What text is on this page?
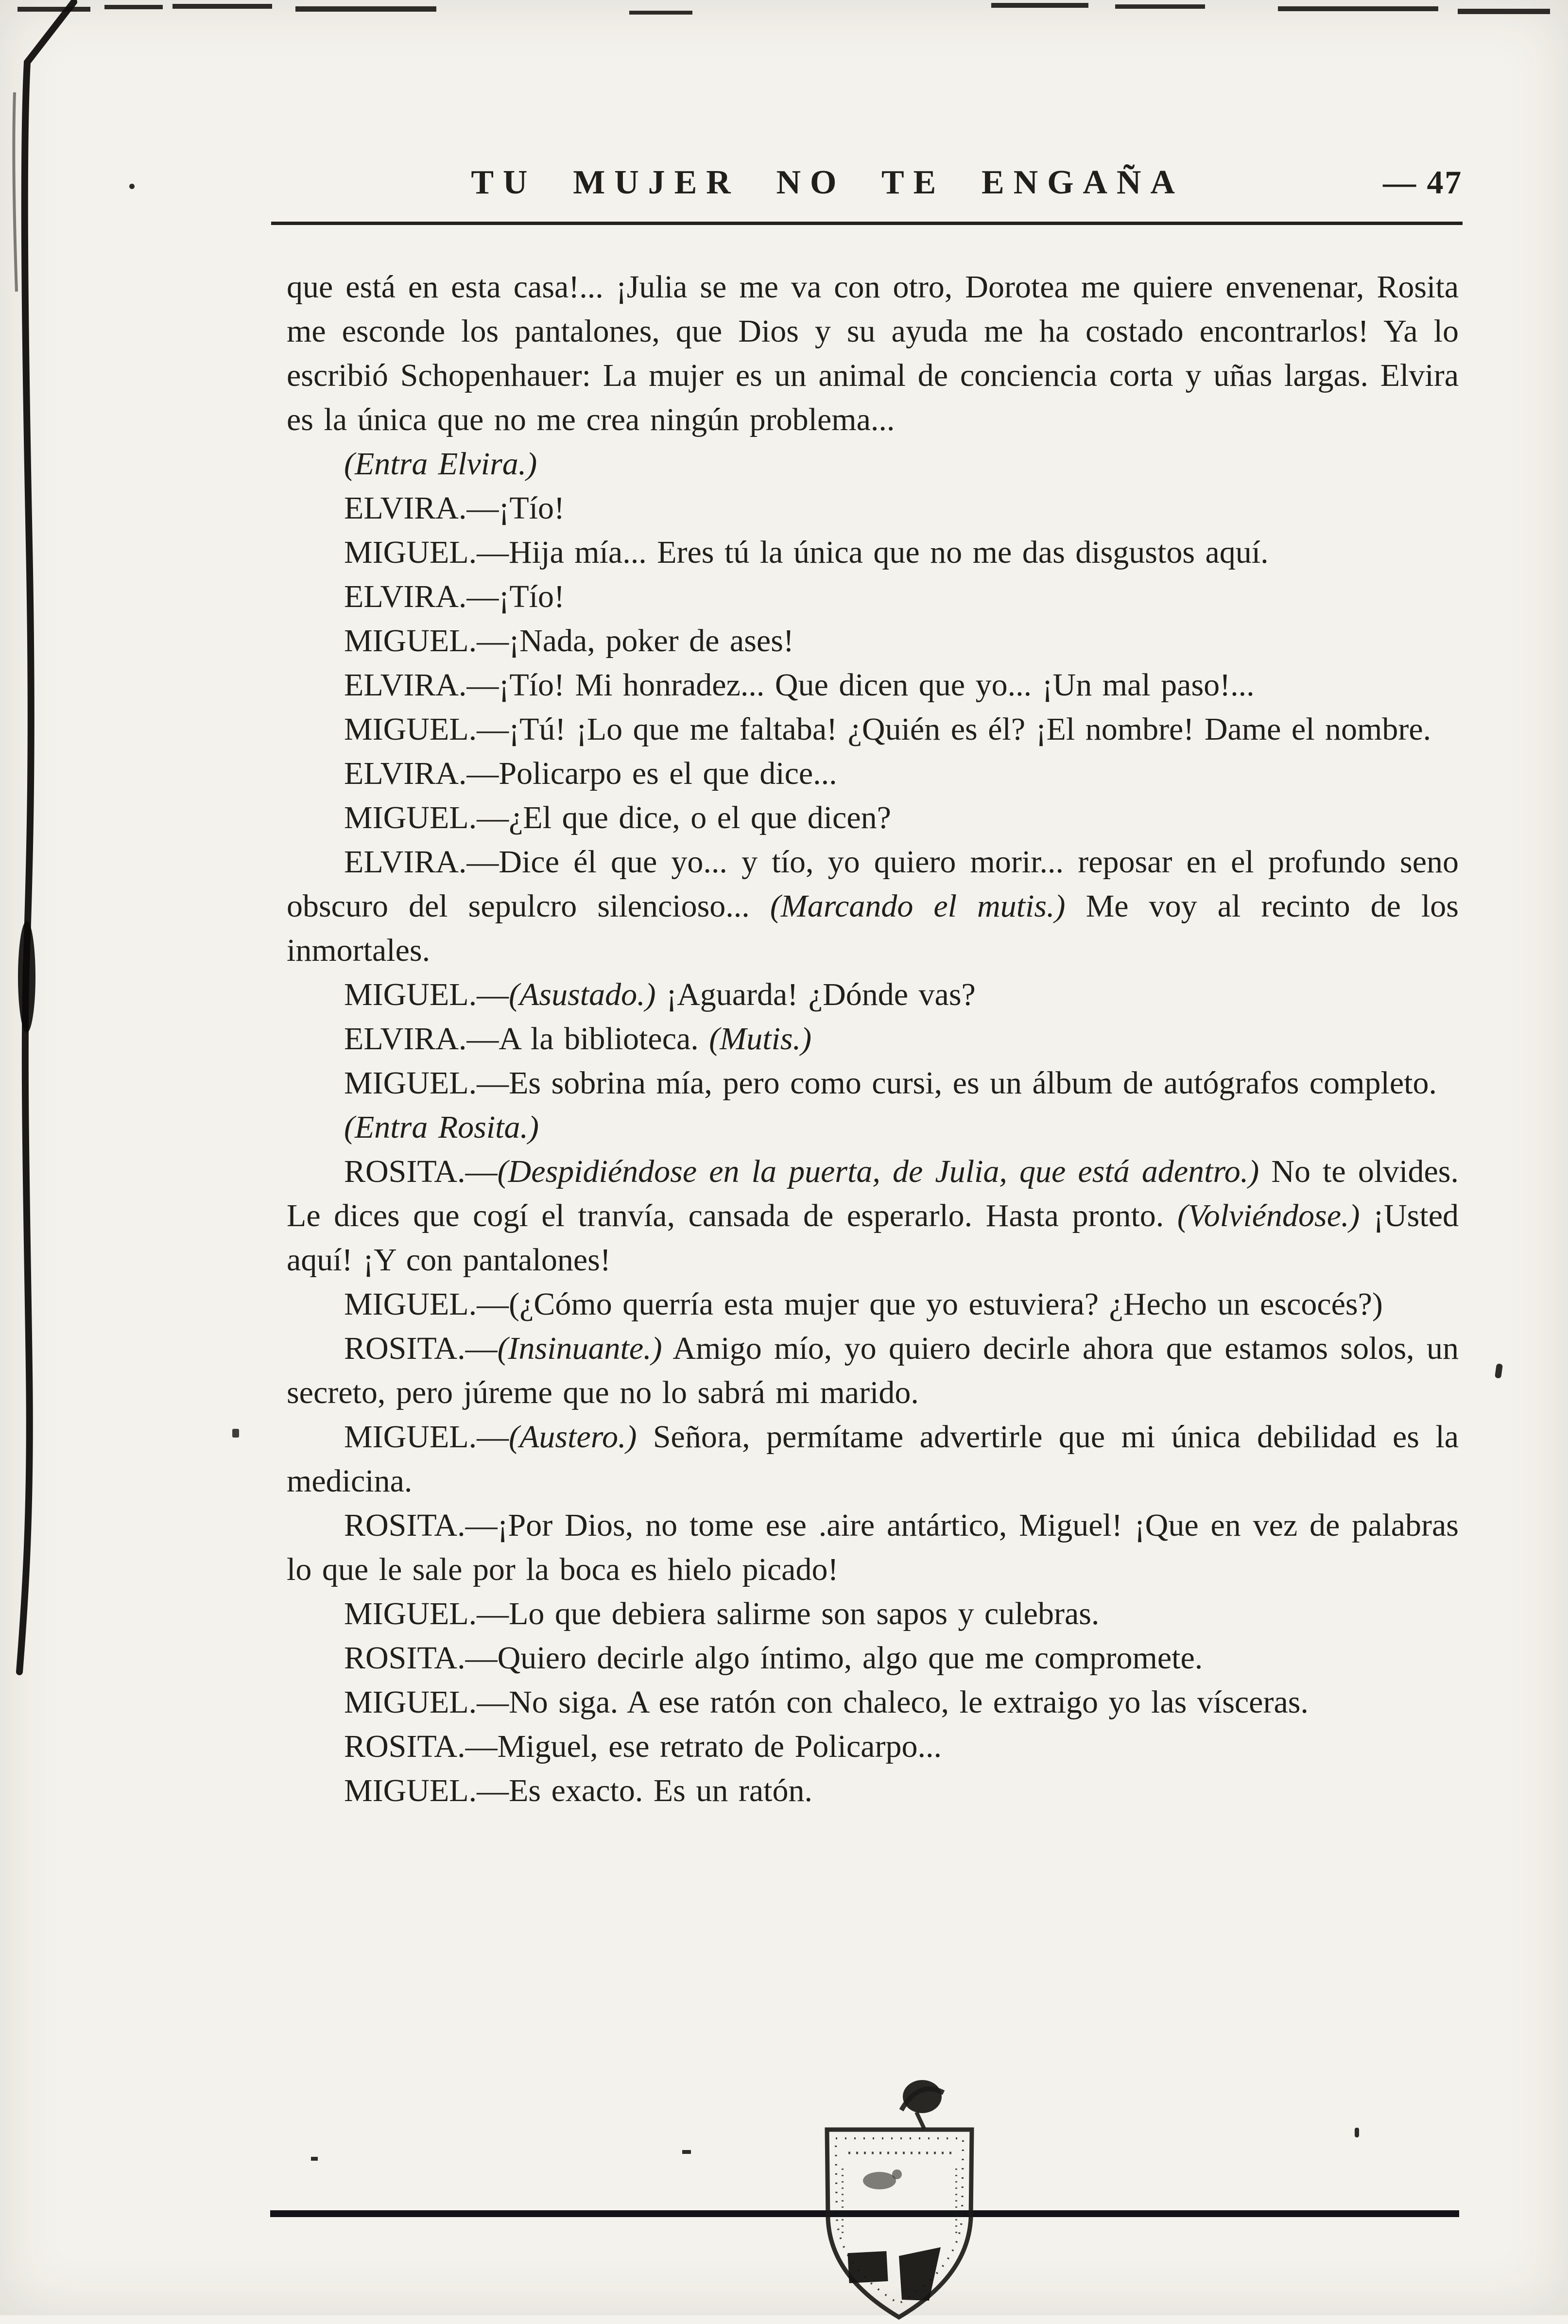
TU MUJER NO TE ENGAÑA	— 47

que está en esta casa!... ¡Julia se me va con otro, Dorotea me quiere envenenar, Rosita me esconde los pantalones, que Dios y su ayuda me ha costado encontrarlos! Ya lo escribió Schopenhauer: La mujer es un animal de conciencia corta y uñas largas. Elvira es la única que no me crea ningún problema...

(Entra Elvira.)

ELVIRA.—¡Tío!

MIGUEL.—Hija mía... Eres tú la única que no me das disgustos aquí.

ELVIRA.—¡Tío!

MIGUEL.—¡Nada, poker de ases!

ELVIRA.—¡Tío! Mi honradez... Que dicen que yo... ¡Un mal paso!...

MIGUEL.—¡Tú! ¡Lo que me faltaba! ¿Quién es él? ¡El nombre! Dame el nombre.

ELVIRA.—Policarpo es el que dice...

MIGUEL.—¿El que dice, o el que dicen?

ELVIRA.—Dice él que yo... y tío, yo quiero morir... reposar en el profundo seno obscuro del sepulcro silencioso... (Marcando el mutis.) Me voy al recinto de los inmortales.

MIGUEL.—(Asustado.) ¡Aguarda! ¿Dónde vas?

ELVIRA.—A la biblioteca. (Mutis.)

MIGUEL.—Es sobrina mía, pero como cursi, es un álbum de autógrafos completo.

(Entra Rosita.)

ROSITA.—(Despidiéndose en la puerta, de Julia, que está adentro.) No te olvides. Le dices que cogí el tranvía, cansada de esperarlo. Hasta pronto. (Volviéndose.) ¡Usted aquí! ¡Y con pantalones!

MIGUEL.—(¿Cómo querría esta mujer que yo estuviera? ¿Hecho un escocés?)

ROSITA.—(Insinuante.) Amigo mío, yo quiero decirle ahora que estamos solos, un secreto, pero júreme que no lo sabrá mi marido.

MIGUEL.—(Austero.) Señora, permítame advertirle que mi única debilidad es la medicina.

ROSITA.—¡Por Dios, no tome ese .aire antártico, Miguel! ¡Que en vez de palabras lo que le sale por la boca es hielo picado!

MIGUEL.—Lo que debiera salirme son sapos y culebras.

ROSITA.—Quiero decirle algo íntimo, algo que me compromete.

MIGUEL.—No siga. A ese ratón con chaleco, le extraigo yo las vísceras.

ROSITA.—Miguel, ese retrato de Policarpo...

MIGUEL.—Es exacto. Es un ratón.
